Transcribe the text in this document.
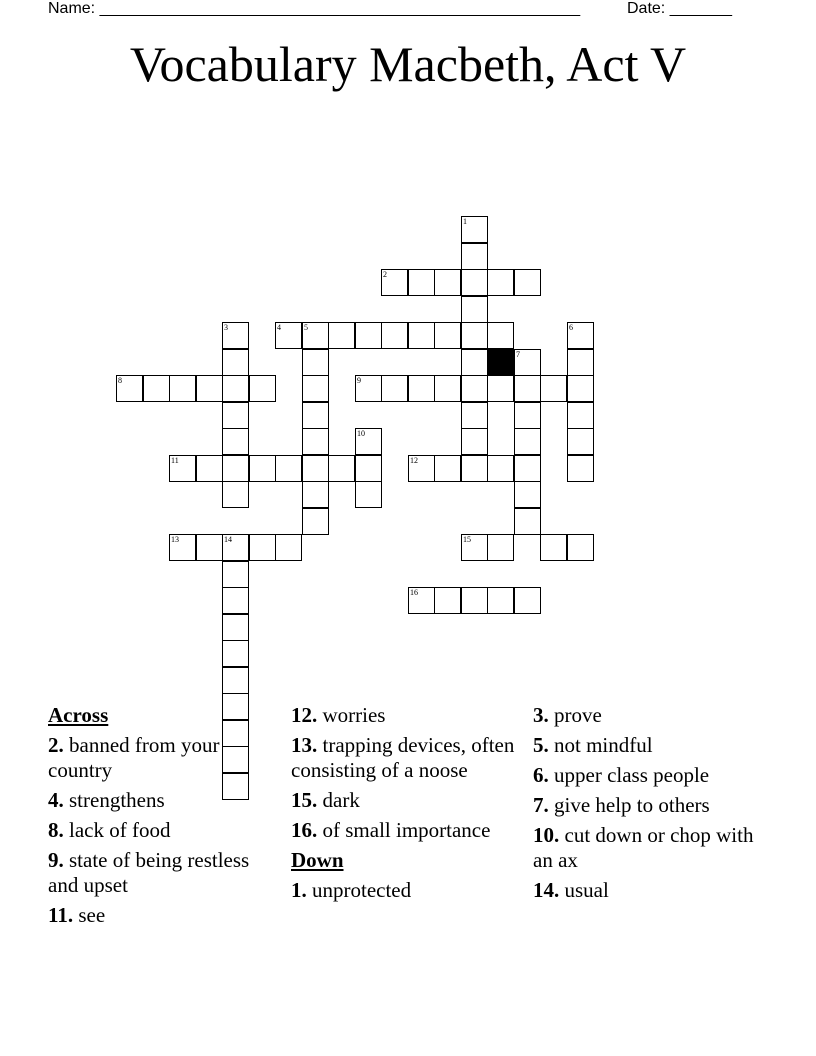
Name: ______________________________________________________	Date: _______
Vocabulary Macbeth, Act V
1
2
3	4	5	6
7
8	9
10
11	12
13	14	15
16
Across
2. banned from your country
4. strengthens
8. lack of food
9. state of being restless and upset
11. see
12. worries
13. trapping devices, often consisting of a noose
15. dark
16. of small importance
Down
1. unprotected
3. prove
5. not mindful
6. upper class people
7. give help to others
10. cut down or chop with an ax
14. usual
